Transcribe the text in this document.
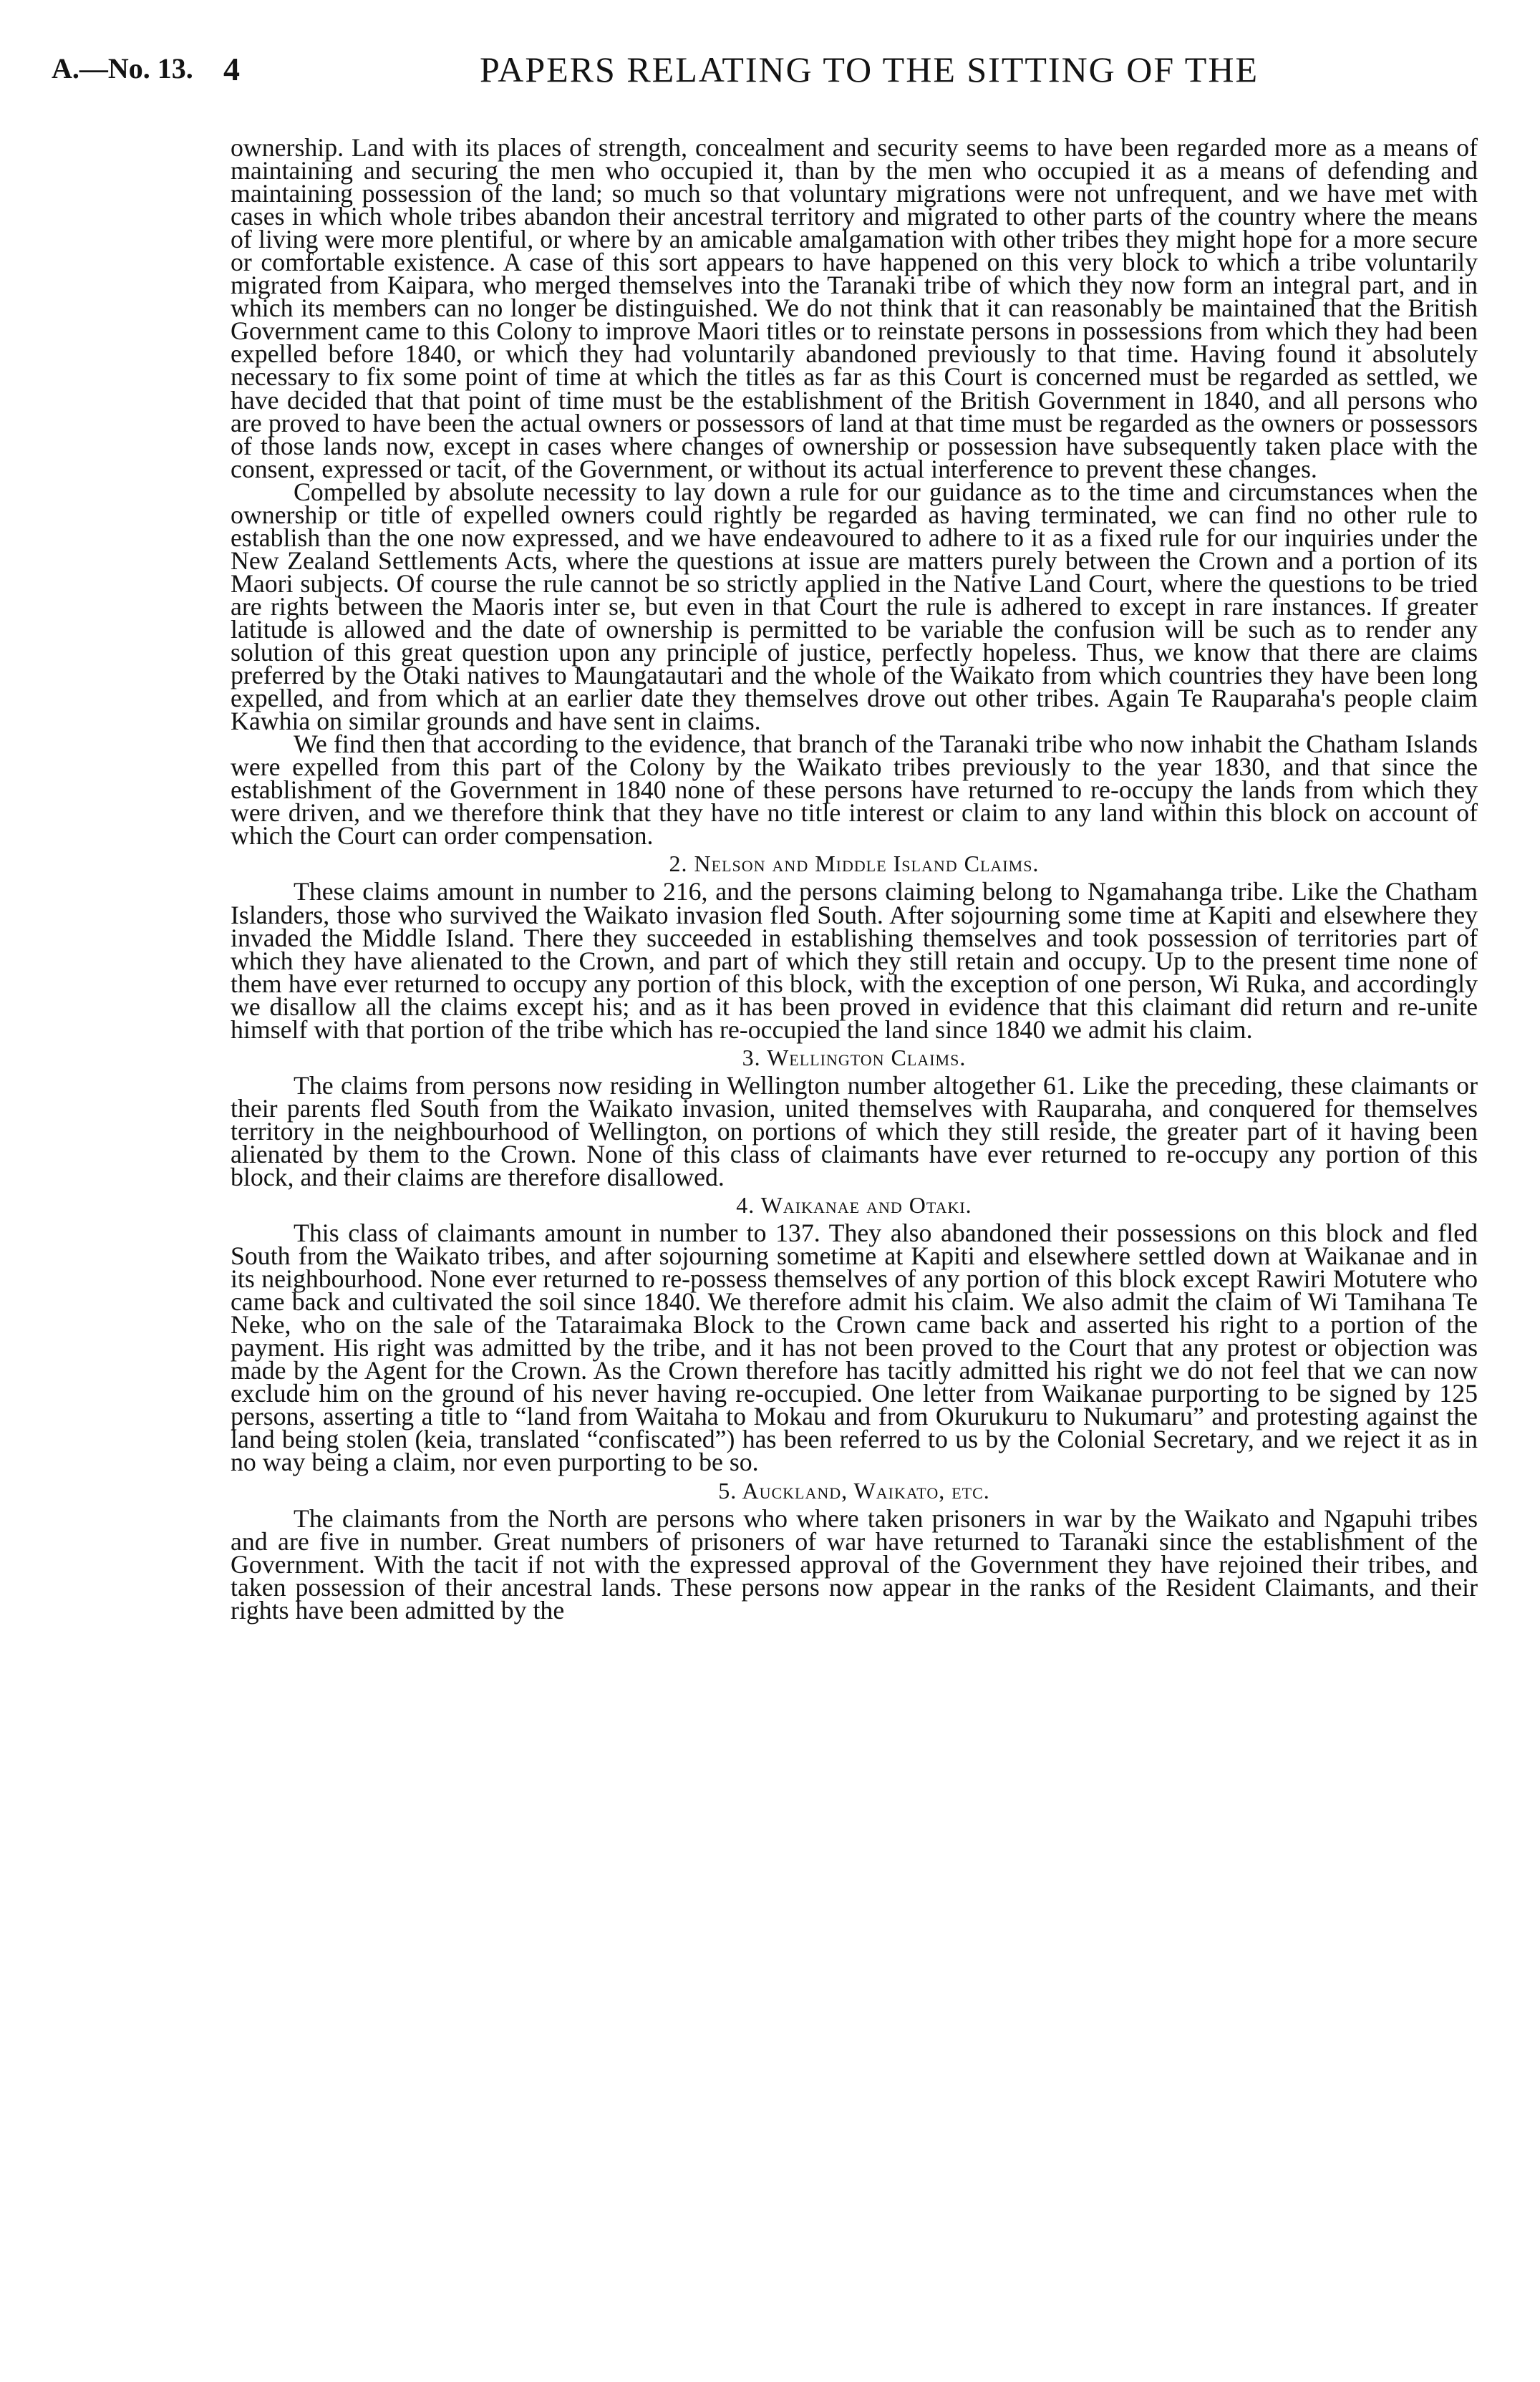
A.—No. 13. 4	PAPERS RELATING TO THE SITTING OF THE

ownership. Land with its places of strength, concealment and security seems to have been regarded more as a means of maintaining and securing the men who occupied it, than by the men who occupied it as a means of defending and maintaining possession of the land; so much so that voluntary migrations were not unfrequent, and we have met with cases in which whole tribes abandon their ancestral territory and migrated to other parts of the country where the means of living were more plentiful, or where by an amicable amalgamation with other tribes they might hope for a more secure or comfortable existence. A case of this sort appears to have happened on this very block to which a tribe voluntarily migrated from Kaipara, who merged themselves into the Taranaki tribe of which they now form an integral part, and in which its members can no longer be distinguished. We do not think that it can reasonably be maintained that the British Government came to this Colony to improve Maori titles or to reinstate persons in possessions from which they had been expelled before 1840, or which they had voluntarily abandoned previously to that time. Having found it absolutely necessary to fix some point of time at which the titles as far as this Court is concerned must be regarded as settled, we have decided that that point of time must be the establishment of the British Government in 1840, and all persons who are proved to have been the actual owners or possessors of land at that time must be regarded as the owners or possessors of those lands now, except in cases where changes of ownership or possession have subsequently taken place with the consent, expressed or tacit, of the Government, or without its actual interference to prevent these changes.

Compelled by absolute necessity to lay down a rule for our guidance as to the time and circumstances when the ownership or title of expelled owners could rightly be regarded as having terminated, we can find no other rule to establish than the one now expressed, and we have endeavoured to adhere to it as a fixed rule for our inquiries under the New Zealand Settlements Acts, where the questions at issue are matters purely between the Crown and a portion of its Maori subjects. Of course the rule cannot be so strictly applied in the Native Land Court, where the questions to be tried are rights between the Maoris inter se, but even in that Court the rule is adhered to except in rare instances. If greater latitude is allowed and the date of ownership is permitted to be variable the confusion will be such as to render any solution of this great question upon any principle of justice, perfectly hopeless. Thus, we know that there are claims preferred by the Otaki natives to Maungatautari and the whole of the Waikato from which countries they have been long expelled, and from which at an earlier date they themselves drove out other tribes. Again Te Rauparaha's people claim Kawhia on similar grounds and have sent in claims.

We find then that according to the evidence, that branch of the Taranaki tribe who now inhabit the Chatham Islands were expelled from this part of the Colony by the Waikato tribes previously to the year 1830, and that since the establishment of the Government in 1840 none of these persons have returned to re-occupy the lands from which they were driven, and we therefore think that they have no title interest or claim to any land within this block on account of which the Court can order compensation.

2. Nelson and Middle Island Claims.

These claims amount in number to 216, and the persons claiming belong to Ngamahanga tribe. Like the Chatham Islanders, those who survived the Waikato invasion fled South. After sojourning some time at Kapiti and elsewhere they invaded the Middle Island. There they succeeded in establishing themselves and took possession of territories part of which they have alienated to the Crown, and part of which they still retain and occupy. Up to the present time none of them have ever returned to occupy any portion of this block, with the exception of one person, Wi Ruka, and accordingly we disallow all the claims except his; and as it has been proved in evidence that this claimant did return and re-unite himself with that portion of the tribe which has re-occupied the land since 1840 we admit his claim.

3. Wellington Claims.

The claims from persons now residing in Wellington number altogether 61. Like the preceding, these claimants or their parents fled South from the Waikato invasion, united themselves with Rauparaha, and conquered for themselves territory in the neighbourhood of Wellington, on portions of which they still reside, the greater part of it having been alienated by them to the Crown. None of this class of claimants have ever returned to re-occupy any portion of this block, and their claims are therefore disallowed.

4. Waikanae and Otaki.

This class of claimants amount in number to 137. They also abandoned their possessions on this block and fled South from the Waikato tribes, and after sojourning sometime at Kapiti and elsewhere settled down at Waikanae and in its neighbourhood. None ever returned to re-possess themselves of any portion of this block except Rawiri Motutere who came back and cultivated the soil since 1840. We therefore admit his claim. We also admit the claim of Wi Tamihana Te Neke, who on the sale of the Tataraimaka Block to the Crown came back and asserted his right to a portion of the payment. His right was admitted by the tribe, and it has not been proved to the Court that any protest or objection was made by the Agent for the Crown. As the Crown therefore has tacitly admitted his right we do not feel that we can now exclude him on the ground of his never having re-occupied. One letter from Waikanae purporting to be signed by 125 persons, asserting a title to “land from Waitaha to Mokau and from Okurukuru to Nukumaru” and protesting against the land being stolen (keia, translated “confiscated”) has been referred to us by the Colonial Secretary, and we reject it as in no way being a claim, nor even purporting to be so.

5. Auckland, Waikato, etc.

The claimants from the North are persons who where taken prisoners in war by the Waikato and Ngapuhi tribes and are five in number. Great numbers of prisoners of war have returned to Taranaki since the establishment of the Government. With the tacit if not with the expressed approval of the Government they have rejoined their tribes, and taken possession of their ancestral lands. These persons now appear in the ranks of the Resident Claimants, and their rights have been admitted by the
